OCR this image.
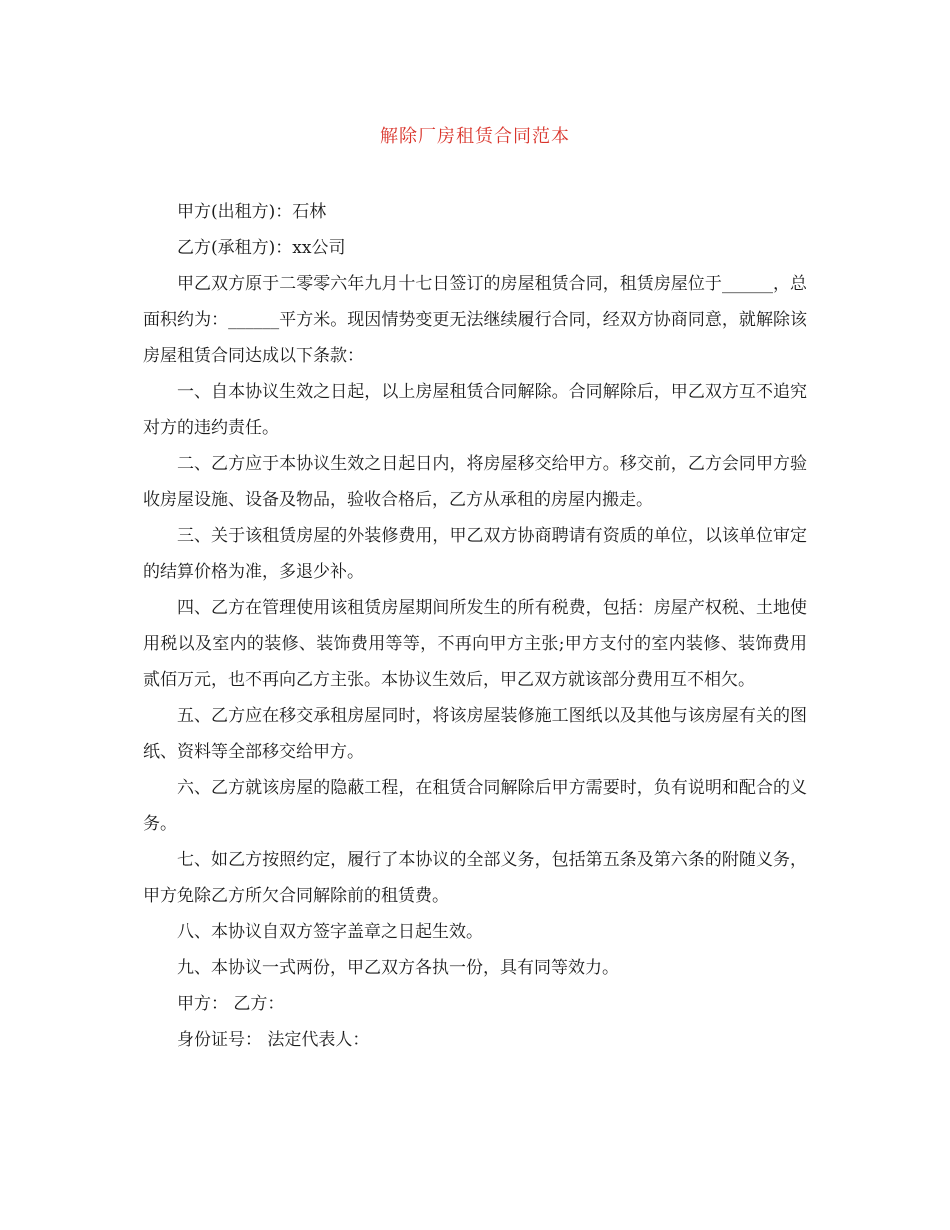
解除厂房租赁合同范本

甲方(出租方)：石林

乙方(承租方)：xx公司

甲乙双方原于二零零六年九月十七日签订的房屋租赁合同，租赁房屋位于______，总面积约为：______平方米。现因情势变更无法继续履行合同，经双方协商同意，就解除该房屋租赁合同达成以下条款：

一、自本协议生效之日起，以上房屋租赁合同解除。合同解除后，甲乙双方互不追究对方的违约责任。

二、乙方应于本协议生效之日起日内，将房屋移交给甲方。移交前，乙方会同甲方验收房屋设施、设备及物品，验收合格后，乙方从承租的房屋内搬走。

三、关于该租赁房屋的外装修费用，甲乙双方协商聘请有资质的单位，以该单位审定的结算价格为准，多退少补。

四、乙方在管理使用该租赁房屋期间所发生的所有税费，包括：房屋产权税、土地使用税以及室内的装修、装饰费用等等，不再向甲方主张;甲方支付的室内装修、装饰费用贰佰万元，也不再向乙方主张。本协议生效后，甲乙双方就该部分费用互不相欠。

五、乙方应在移交承租房屋同时，将该房屋装修施工图纸以及其他与该房屋有关的图纸、资料等全部移交给甲方。

六、乙方就该房屋的隐蔽工程，在租赁合同解除后甲方需要时，负有说明和配合的义务。

七、如乙方按照约定，履行了本协议的全部义务，包括第五条及第六条的附随义务，甲方免除乙方所欠合同解除前的租赁费。

八、本协议自双方签字盖章之日起生效。

九、本协议一式两份，甲乙双方各执一份，具有同等效力。

甲方： 乙方：

身份证号： 法定代表人：
